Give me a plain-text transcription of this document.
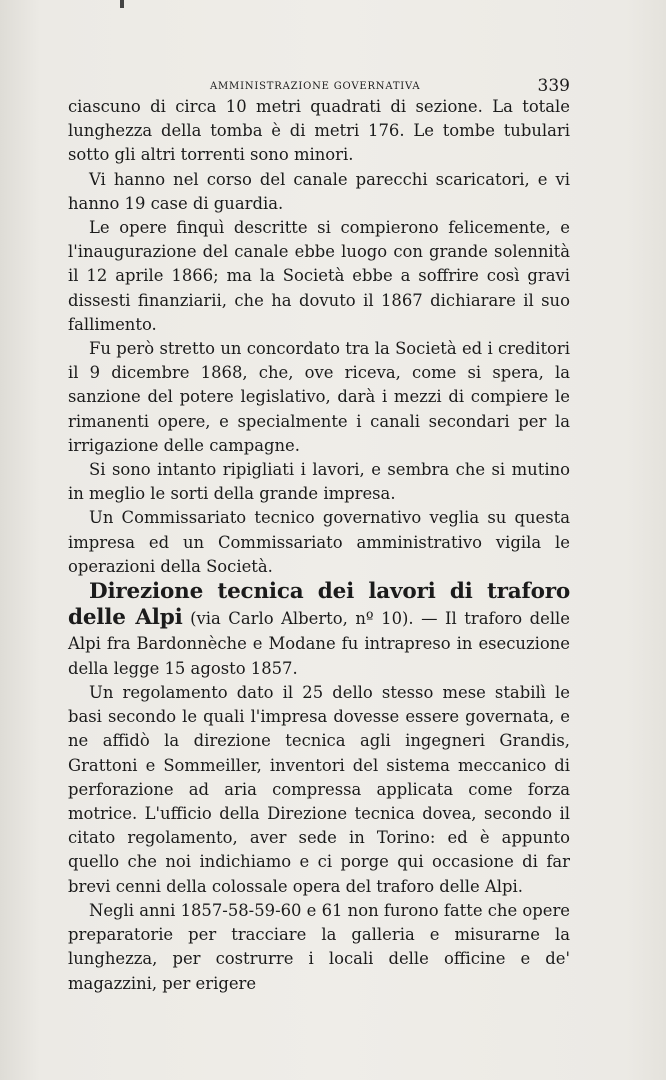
AMMINISTRAZIONE GOVERNATIVA	339

ciascuno di circa 10 metri quadrati di sezione. La totale lunghezza della tomba è di metri 176. Le tombe tubulari sotto gli altri torrenti sono minori.

Vi hanno nel corso del canale parecchi scaricatori, e vi hanno 19 case di guardia.

Le opere finquì descritte si compierono felicemente, e l'inaugurazione del canale ebbe luogo con grande solennità il 12 aprile 1866; ma la Società ebbe a soffrire così gravi dissesti finanziarii, che ha dovuto il 1867 dichiarare il suo fallimento.

Fu però stretto un concordato tra la Società ed i creditori il 9 dicembre 1868, che, ove riceva, come si spera, la sanzione del potere legislativo, darà i mezzi di compiere le rimanenti opere, e specialmente i canali secondari per la irrigazione delle campagne.

Si sono intanto ripigliati i lavori, e sembra che si mutino in meglio le sorti della grande impresa.

Un Commissariato tecnico governativo veglia su questa impresa ed un Commissariato amministrativo vigila le operazioni della Società.

Direzione tecnica dei lavori di traforo delle Alpi (via Carlo Alberto, nº 10). — Il traforo delle Alpi fra Bardonnèche e Modane fu intrapreso in esecuzione della legge 15 agosto 1857.

Un regolamento dato il 25 dello stesso mese stabilì le basi secondo le quali l'impresa dovesse essere governata, e ne affidò la direzione tecnica agli ingegneri Grandis, Grattoni e Sommeiller, inventori del sistema meccanico di perforazione ad aria compressa applicata come forza motrice. L'ufficio della Direzione tecnica dovea, secondo il citato regolamento, aver sede in Torino: ed è appunto quello che noi indichiamo e ci porge qui occasione di far brevi cenni della colossale opera del traforo delle Alpi.

Negli anni 1857-58-59-60 e 61 non furono fatte che opere preparatorie per tracciare la galleria e misurarne la lunghezza, per costrurre i locali delle officine e de' magazzini, per erigere
